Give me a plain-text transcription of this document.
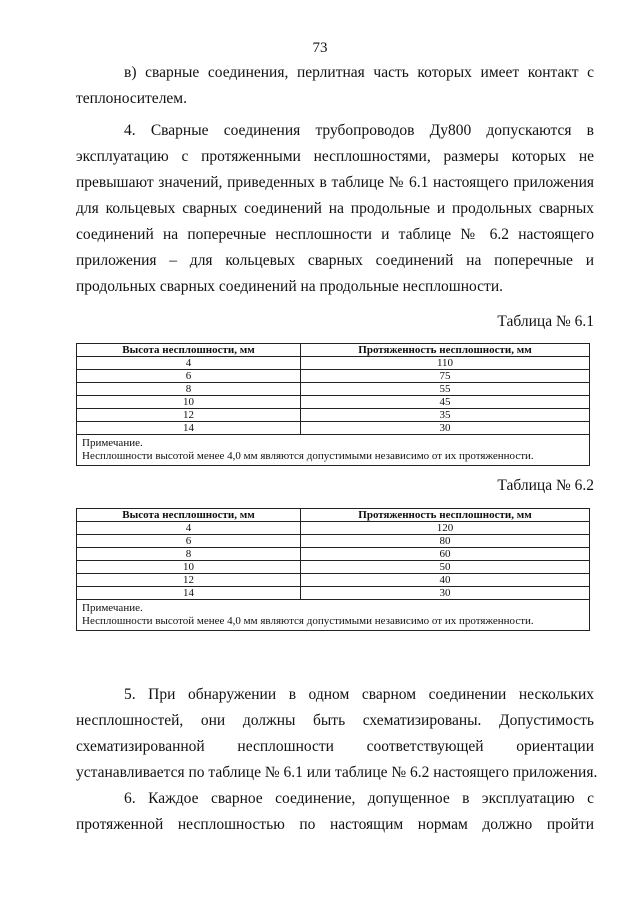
73

в) сварные соединения, перлитная часть которых имеет контакт с
теплоносителем.

4. Сварные соединения трубопроводов Ду800 допускаются в
эксплуатацию с протяженными несплошностями, размеры которых не
превышают значений, приведенных в таблице № 6.1 настоящего приложения
для кольцевых сварных соединений на продольные и продольных сварных
соединений на поперечные несплошности и таблице № 6.2 настоящего
приложения – для кольцевых сварных соединений на поперечные и
продольных сварных соединений на продольные несплошности.

Таблица № 6.1
Высота несплошности, мм	Протяженность несплошности, мм
4	110
6	75
8	55
10	45
12	35
14	30

Примечание.
Несплошности высотой менее 4,0 мм являются допустимыми независимо от их протяженности.	
Таблица № 6.2
Высота несплошности, мм	Протяженность несплошности, мм
4	120
6	80
8	60
10	50
12	40
14	30

Примечание.
Несплошности высотой менее 4,0 мм являются допустимыми независимо от их протяженности.	

5. При обнаружении в одном сварном соединении нескольких
несплошностей, они должны быть схематизированы. Допустимость
схематизированной несплошности соответствующей ориентации
устанавливается по таблице № 6.1 или таблице № 6.2 настоящего приложения.

6. Каждое сварное соединение, допущенное в эксплуатацию с
протяженной несплошностью по настоящим нормам должно пройти
